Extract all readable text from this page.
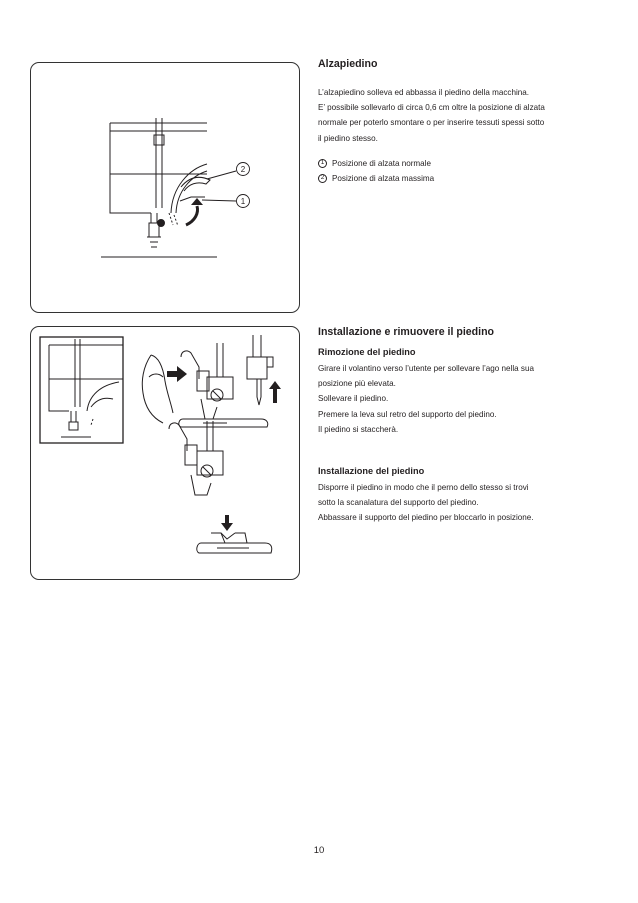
2
1

Alzapiedino

L’alzapiedino solleva ed abbassa il piedino della macchina.

E’ possibile sollevarlo di circa 0,6 cm oltre la posizione di alzata

normale per poterlo smontare o per inserire tessuti spessi sotto

il piedino stesso.

1 Posizione di alzata normale
2 Posizione di alzata massima

Installazione e rimuovere il piedino

Rimozione del piedino

Girare il volantino verso l’utente per sollevare l’ago nella sua

posizione più elevata.

Sollevare il piedino.

Premere la leva sul retro del supporto del piedino.

Il piedino si staccherà.

Installazione del piedino

Disporre il piedino in modo che il perno dello stesso si trovi

sotto la scanalatura del supporto del piedino.

Abbassare il supporto del piedino per bloccarlo in posizione.

10
